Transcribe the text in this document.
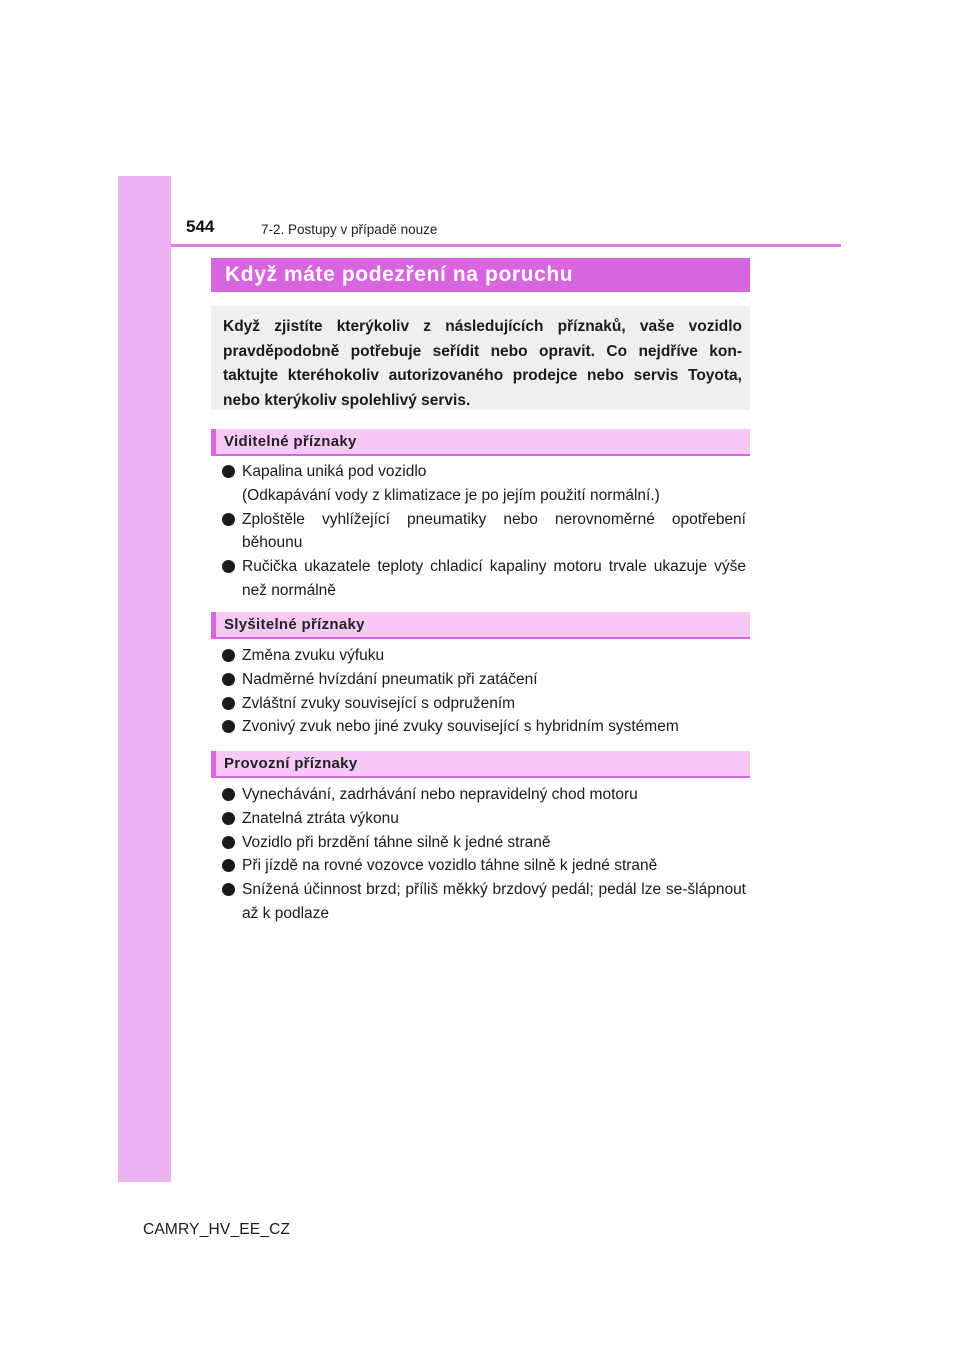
544	7-2. Postupy v případě nouze
Když máte podezření na poruchu

Když zjistíte kterýkoliv z následujících příznaků, vaše vozidlo pravděpodobně potřebuje seřídit nebo opravit. Co nejdříve kon-taktujte kteréhokoliv autorizovaného prodejce nebo servis Toyota, nebo kterýkoliv spolehlivý servis.

Viditelné příznaky
Kapalina uniká pod vozidlo
(Odkapávání vody z klimatizace je po jejím použití normální.)
Zploštěle vyhlížející pneumatiky nebo nerovnoměrné opotřebení běhounu
Ručička ukazatele teploty chladicí kapaliny motoru trvale ukazuje výše než normálně
Slyšitelné příznaky
Změna zvuku výfuku
Nadměrné hvízdání pneumatik při zatáčení
Zvláštní zvuky související s odpružením
Zvonivý zvuk nebo jiné zvuky související s hybridním systémem
Provozní příznaky
Vynechávání, zadrhávání nebo nepravidelný chod motoru
Znatelná ztráta výkonu
Vozidlo při brzdění táhne silně k jedné straně
Při jízdě na rovné vozovce vozidlo táhne silně k jedné straně
Snížená účinnost brzd; příliš měkký brzdový pedál; pedál lze se-šlápnout až k podlaze
CAMRY_HV_EE_CZ
